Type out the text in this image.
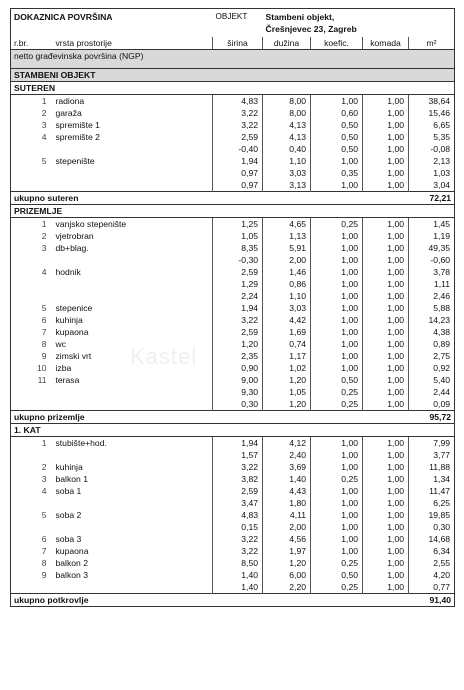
DOKAZNICA POVRŠINA		OBJEKT	Stambeni objekt,
Črešnjevec 23, Zagreb			

r.br.	vrsta prostorije	širina	dužina	koefic.	komada	m²
netto građevinska površina (NGP)						

STAMBENI OBJEKT						
SUTEREN						
1	radiona	4,83	8,00	1,00	1,00	38,64
2	garaža	3,22	8,00	0,60	1,00	15,46
3	spremište 1	3,22	4,13	0,50	1,00	6,65
4	spremište 2	2,59	4,13	0,50	1,00	5,35
		-0,40	0,40	0,50	1,00	-0,08
5	stepenište	1,94	1,10	1,00	1,00	2,13
		0,97	3,03	0,35	1,00	1,03
		0,97	3,13	1,00	1,00	3,04
ukupno suteren						72,21
PRIZEMLJE						
1	vanjsko stepenište	1,25	4,65	0,25	1,00	1,45
2	vjetrobran	1,05	1,13	1,00	1,00	1,19
3	db+blag.	8,35	5,91	1,00	1,00	49,35
		-0,30	2,00	1,00	1,00	-0,60
4	hodnik	2,59	1,46	1,00	1,00	3,78
		1,29	0,86	1,00	1,00	1,11
		2,24	1,10	1,00	1,00	2,46
5	stepenice	1,94	3,03	1,00	1,00	5,88
6	kuhinja	3,22	4,42	1,00	1,00	14,23
7	kupaona	2,59	1,69	1,00	1,00	4,38
8	wc	1,20	0,74	1,00	1,00	0,89
9	zimski vrt	2,35	1,17	1,00	1,00	2,75
10	izba	0,90	1,02	1,00	1,00	0,92
11	terasa	9,00	1,20	0,50	1,00	5,40
		9,30	1,05	0,25	1,00	2,44
		0,30	1,20	0,25	1,00	0,09
ukupno prizemlje						95,72
1. KAT						
1	stubište+hod.	1,94	4,12	1,00	1,00	7,99
		1,57	2,40	1,00	1,00	3,77
2	kuhinja	3,22	3,69	1,00	1,00	11,88
3	balkon 1	3,82	1,40	0,25	1,00	1,34
4	soba 1	2,59	4,43	1,00	1,00	11,47
		3,47	1,80	1,00	1,00	6,25
5	soba 2	4,83	4,11	1,00	1,00	19,85
		0,15	2,00	1,00	1,00	0,30
6	soba 3	3,22	4,56	1,00	1,00	14,68
7	kupaona	3,22	1,97	1,00	1,00	6,34
8	balkon 2	8,50	1,20	0,25	1,00	2,55
9	balkon 3	1,40	6,00	0,50	1,00	4,20
		1,40	2,20	0,25	1,00	0,77
ukupno potkrovlje						91,40
Kastel
